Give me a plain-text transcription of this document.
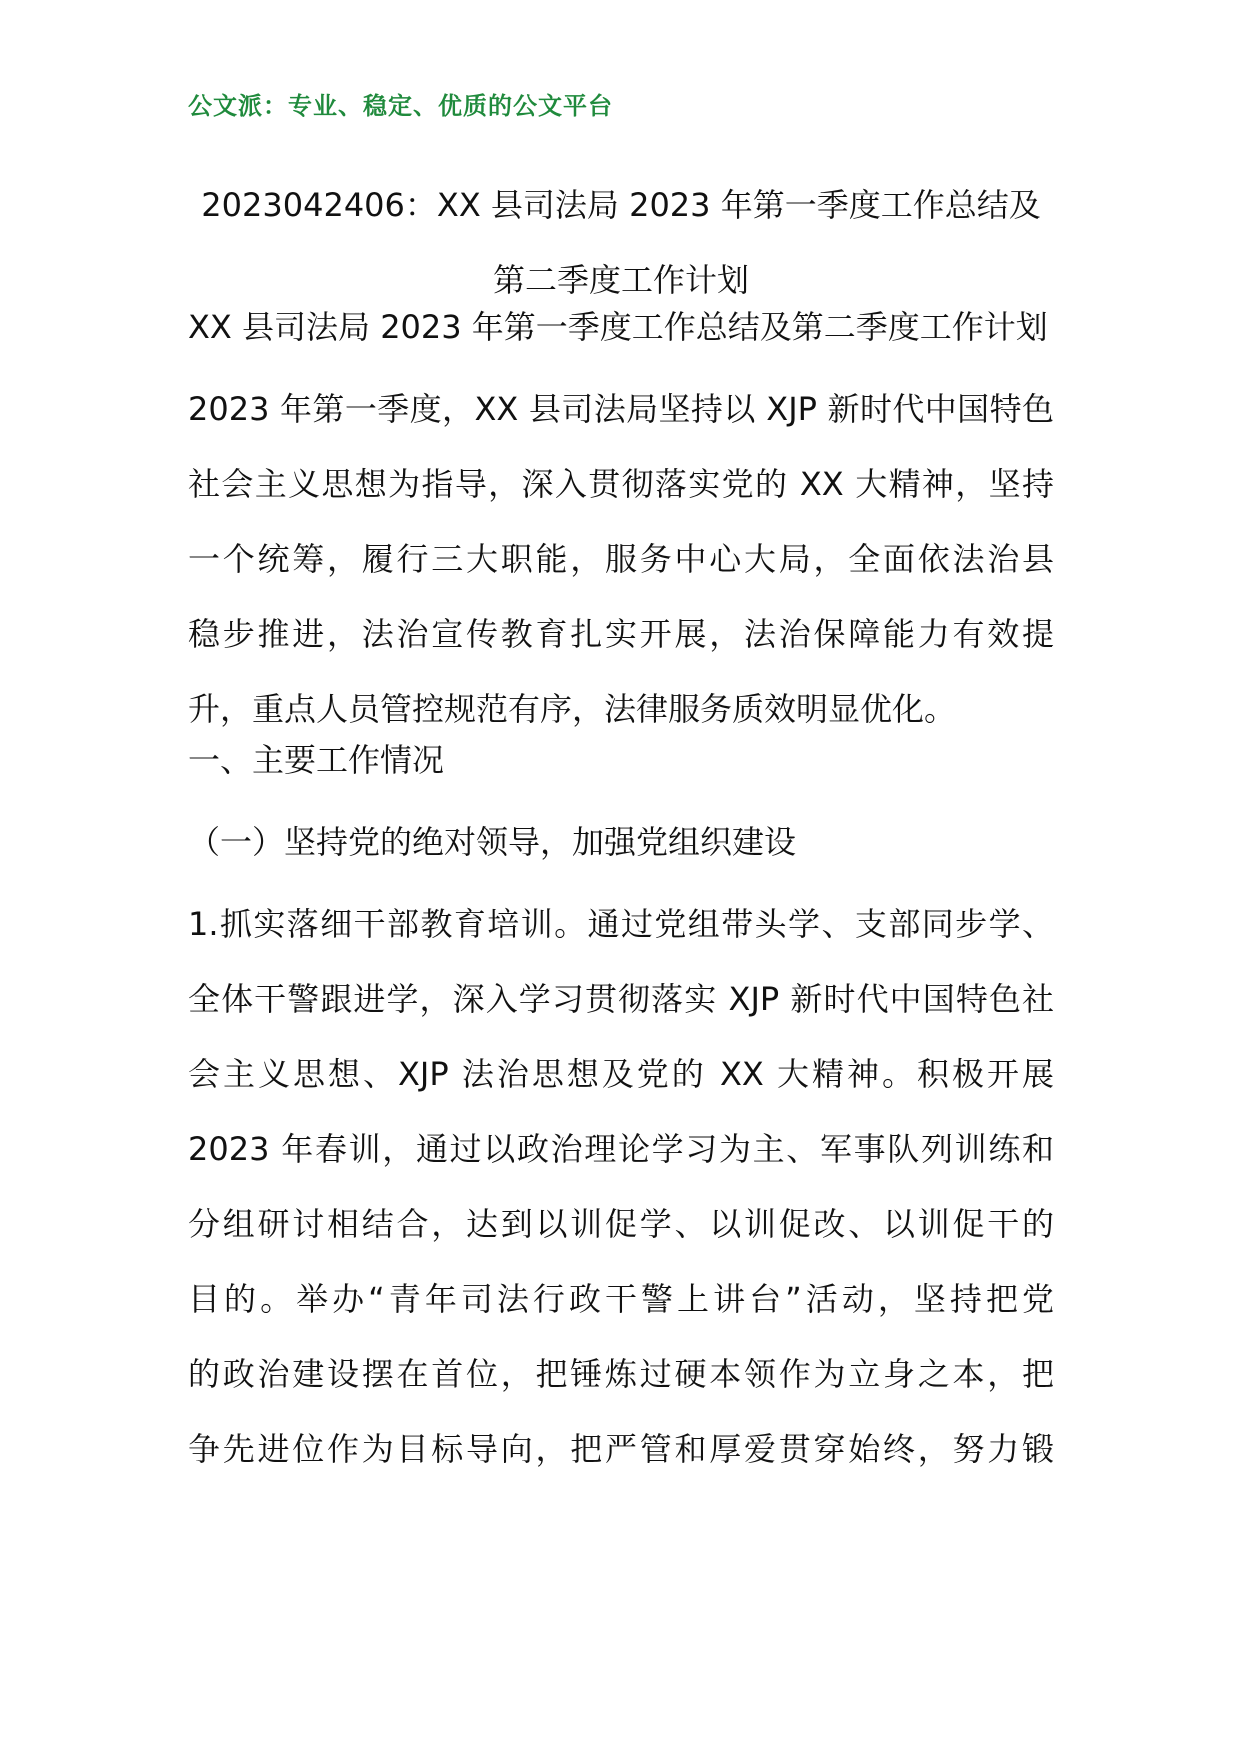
公文派：专业、稳定、优质的公文平台
2023042406：XX 县司法局 2023 年第一季度工作总结及
第二季度工作计划
XX 县司法局 2023 年第一季度工作总结及第二季度工作计划
2023 年第一季度，XX 县司法局坚持以 XJP 新时代中国特色
社会主义思想为指导，深入贯彻落实党的 XX 大精神，坚持
一个统筹，履行三大职能，服务中心大局，全面依法治县
稳步推进，法治宣传教育扎实开展，法治保障能力有效提
升，重点人员管控规范有序，法律服务质效明显优化。
一、主要工作情况
（一）坚持党的绝对领导，加强党组织建设
1.抓实落细干部教育培训。通过党组带头学、支部同步学、
全体干警跟进学，深入学习贯彻落实 XJP 新时代中国特色社
会主义思想、XJP 法治思想及党的 XX 大精神。积极开展
2023 年春训，通过以政治理论学习为主、军事队列训练和
分组研讨相结合，达到以训促学、以训促改、以训促干的
目的。举办“青年司法行政干警上讲台”活动，坚持把党
的政治建设摆在首位，把锤炼过硬本领作为立身之本，把
争先进位作为目标导向，把严管和厚爱贯穿始终，努力锻
